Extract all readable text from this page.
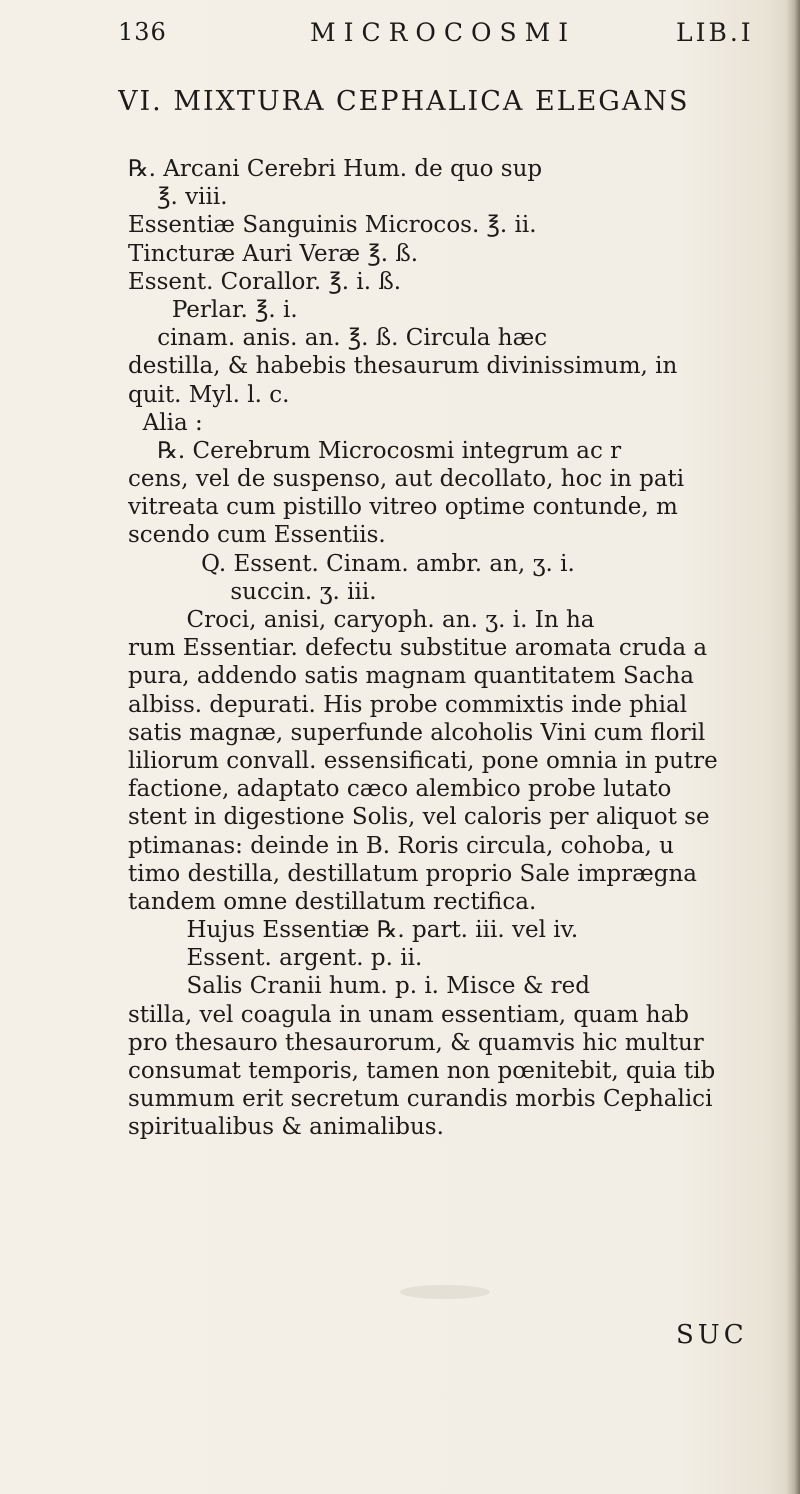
136	MICROCOSMI	LIB.I
VI. MIXTURA CEPHALICA ELEGANS
℞. Arcani Cerebri Hum. de quo sup
℥. viii.
Essentiæ Sanguinis Microcos. ℥. ii.
Tincturæ Auri Veræ ℥. ß.
Essent. Corallor. ℥. i. ß.
Perlar. ℥. i.
cinam. anis. an. ℥. ß. Circula hæc
destilla, & habebis thesaurum divinissimum, in
quit. Myl. l. c.
Alia :
℞. Cerebrum Microcosmi integrum ac r
cens, vel de suspenso, aut decollato, hoc in pati
vitreata cum pistillo vitreo optime contunde, m
scendo cum Essentiis.
Q. Essent. Cinam. ambr. an, ʒ. i.
succin. ʒ. iii.
Croci, anisi, caryoph. an. ʒ. i. In ha
rum Essentiar. defectu substitue aromata cruda a
pura, addendo satis magnam quantitatem Sacha
albiss. depurati. His probe commixtis inde phial
satis magnæ, superfunde alcoholis Vini cum floril
liliorum convall. essensificati, pone omnia in putre
factione, adaptato cæco alembico probe lutato
stent in digestione Solis, vel caloris per aliquot se
ptimanas: deinde in B. Roris circula, cohoba, u
timo destilla, destillatum proprio Sale imprægna
tandem omne destillatum rectifica.
Hujus Essentiæ ℞. part. iii. vel iv.
Essent. argent. p. ii.
Salis Cranii hum. p. i. Misce & red
stilla, vel coagula in unam essentiam, quam hab
pro thesauro thesaurorum, & quamvis hic multur
consumat temporis, tamen non pœnitebit, quia tib
summum erit secretum curandis morbis Cephalici
spiritualibus & animalibus.
SUC
